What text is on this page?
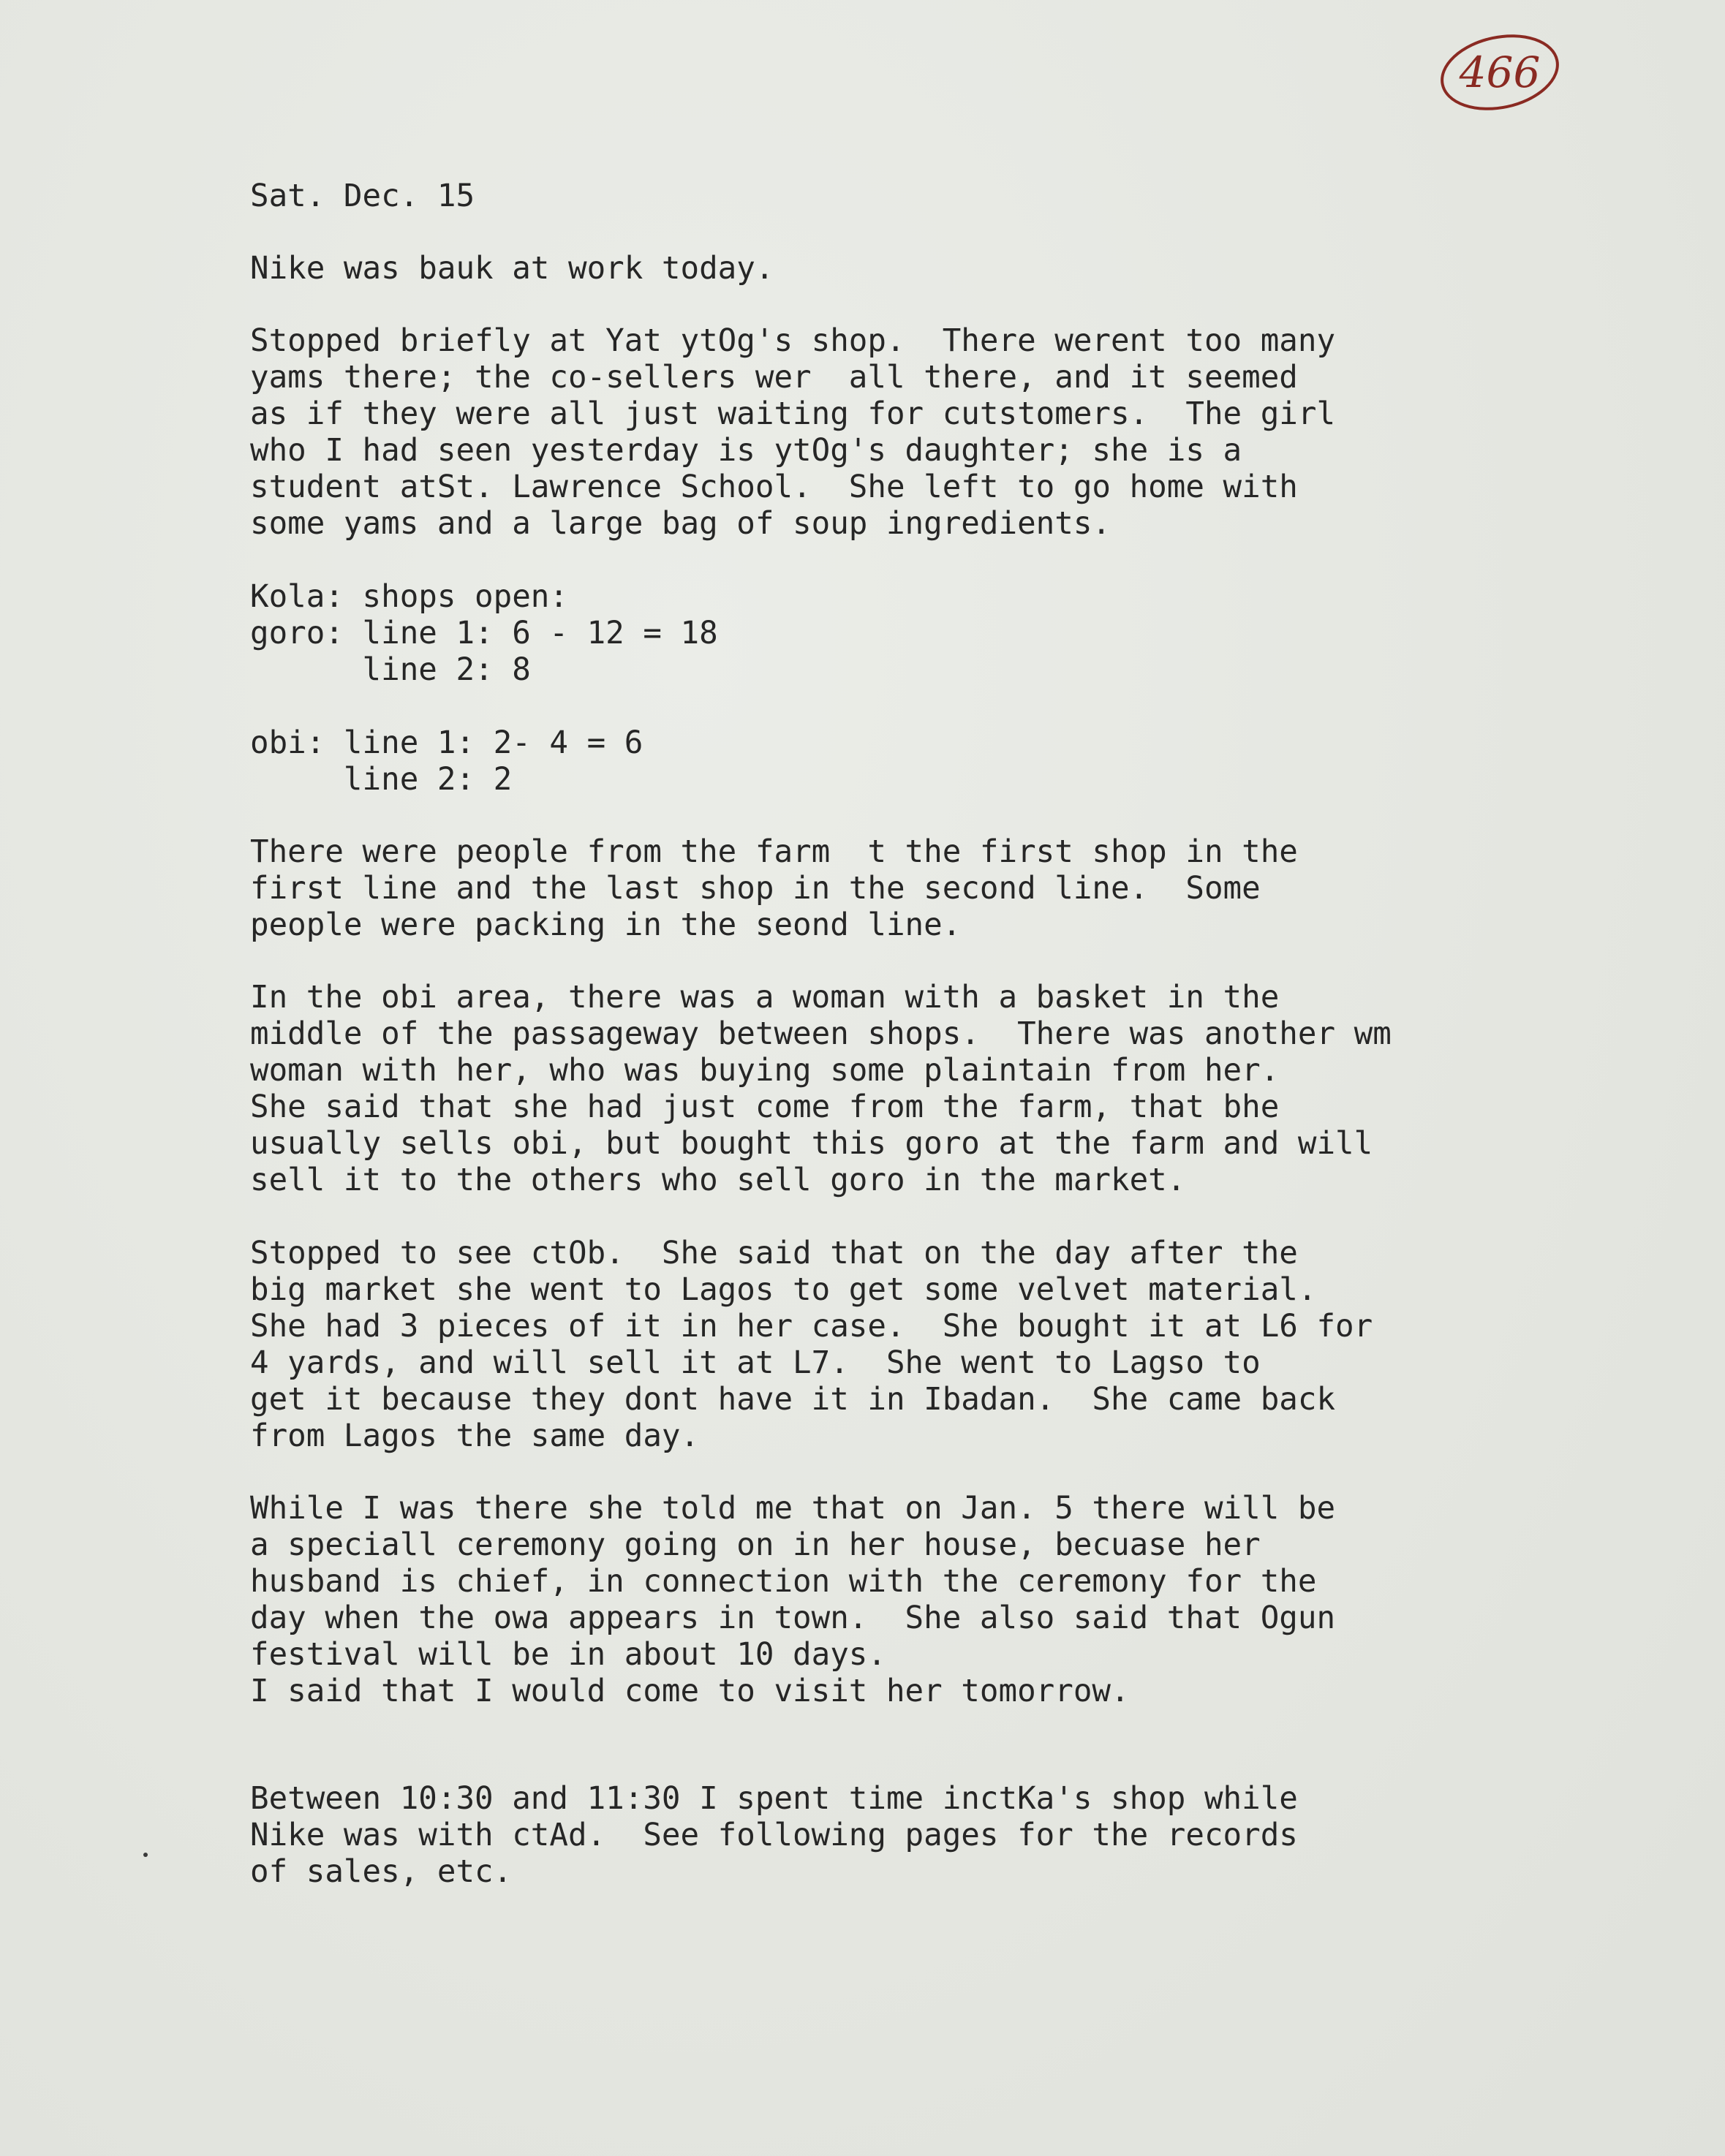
466
Sat. Dec. 15
Nike was bauk at work today.
Stopped briefly at Yat ytOg's shop.  There werent too many
yams there; the co-sellers wer  all there, and it seemed
as if they were all just waiting for cutstomers.  The girl
who I had seen yesterday is ytOg's daughter; she is a
student atSt. Lawrence School.  She left to go home with
some yams and a large bag of soup ingredients.
Kola: shops open:
goro: line 1: 6 - 12 = 18
line 2: 8
obi: line 1: 2- 4 = 6
line 2: 2
There were people from the farm  t the first shop in the
first line and the last shop in the second line.  Some
people were packing in the seond line.
In the obi area, there was a woman with a basket in the
middle of the passageway between shops.  There was another wm
woman with her, who was buying some plaintain from her.
She said that she had just come from the farm, that bhe
usually sells obi, but bought this goro at the farm and will
sell it to the others who sell goro in the market.
Stopped to see ctOb.  She said that on the day after the
big market she went to Lagos to get some velvet material.
She had 3 pieces of it in her case.  She bought it at L6 for
4 yards, and will sell it at L7.  She went to Lagso to
get it because they dont have it in Ibadan.  She came back
from Lagos the same day.
While I was there she told me that on Jan. 5 there will be
a speciall ceremony going on in her house, becuase her
husband is chief, in connection with the ceremony for the
day when the owa appears in town.  She also said that Ogun
festival will be in about 10 days.
I said that I would come to visit her tomorrow.
Between 10:30 and 11:30 I spent time inctKa's shop while
Nike was with ctAd.  See following pages for the records
of sales, etc.
